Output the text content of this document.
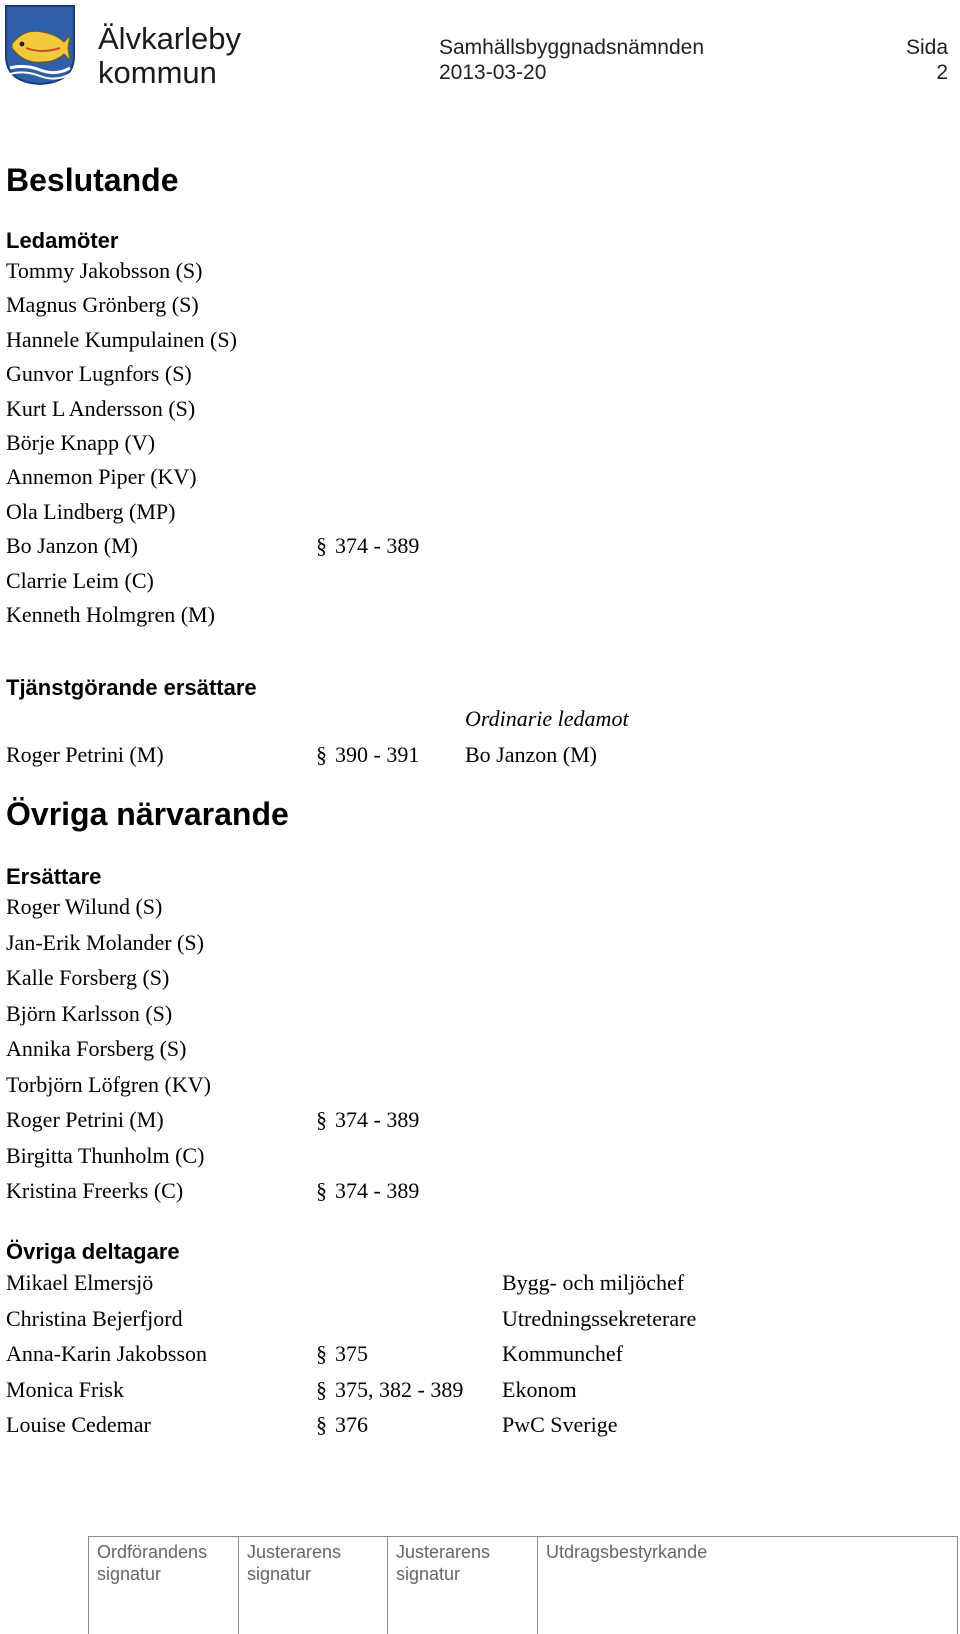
Älvkarleby
kommun
Samhällsbyggnadsnämnden	Sida
2013-03-20	2
Beslutande
Ledamöter
Tommy Jakobsson (S)
Magnus Grönberg (S)
Hannele Kumpulainen (S)
Gunvor Lugnfors (S)
Kurt L Andersson (S)
Börje Knapp (V)
Annemon Piper (KV)
Ola Lindberg (MP)
Bo Janzon (M)	§ 374 - 389
Clarrie Leim (C)
Kenneth Holmgren (M)
Tjänstgörande ersättare
Ordinarie ledamot
Roger Petrini (M)	§ 390 - 391 Bo Janzon (M)
Övriga närvarande
Ersättare
Roger Wilund (S)
Jan-Erik Molander (S)
Kalle Forsberg (S)
Björn Karlsson (S)
Annika Forsberg (S)
Torbjörn Löfgren (KV)
Roger Petrini (M)	§ 374 - 389
Birgitta Thunholm (C)
Kristina Freerks (C)	§ 374 - 389
Övriga deltagare
Mikael Elmersjö	Bygg- och miljöchef
Christina Bejerfjord	Utredningssekreterare
Anna-Karin Jakobsson	§ 375	Kommunchef
Monica Frisk	§ 375, 382 - 389 Ekonom
Louise Cedemar	§ 376	PwC Sverige
Ordförandens
signatur
Justerarens
signatur
Justerarens
signatur
Utdragsbestyrkande
